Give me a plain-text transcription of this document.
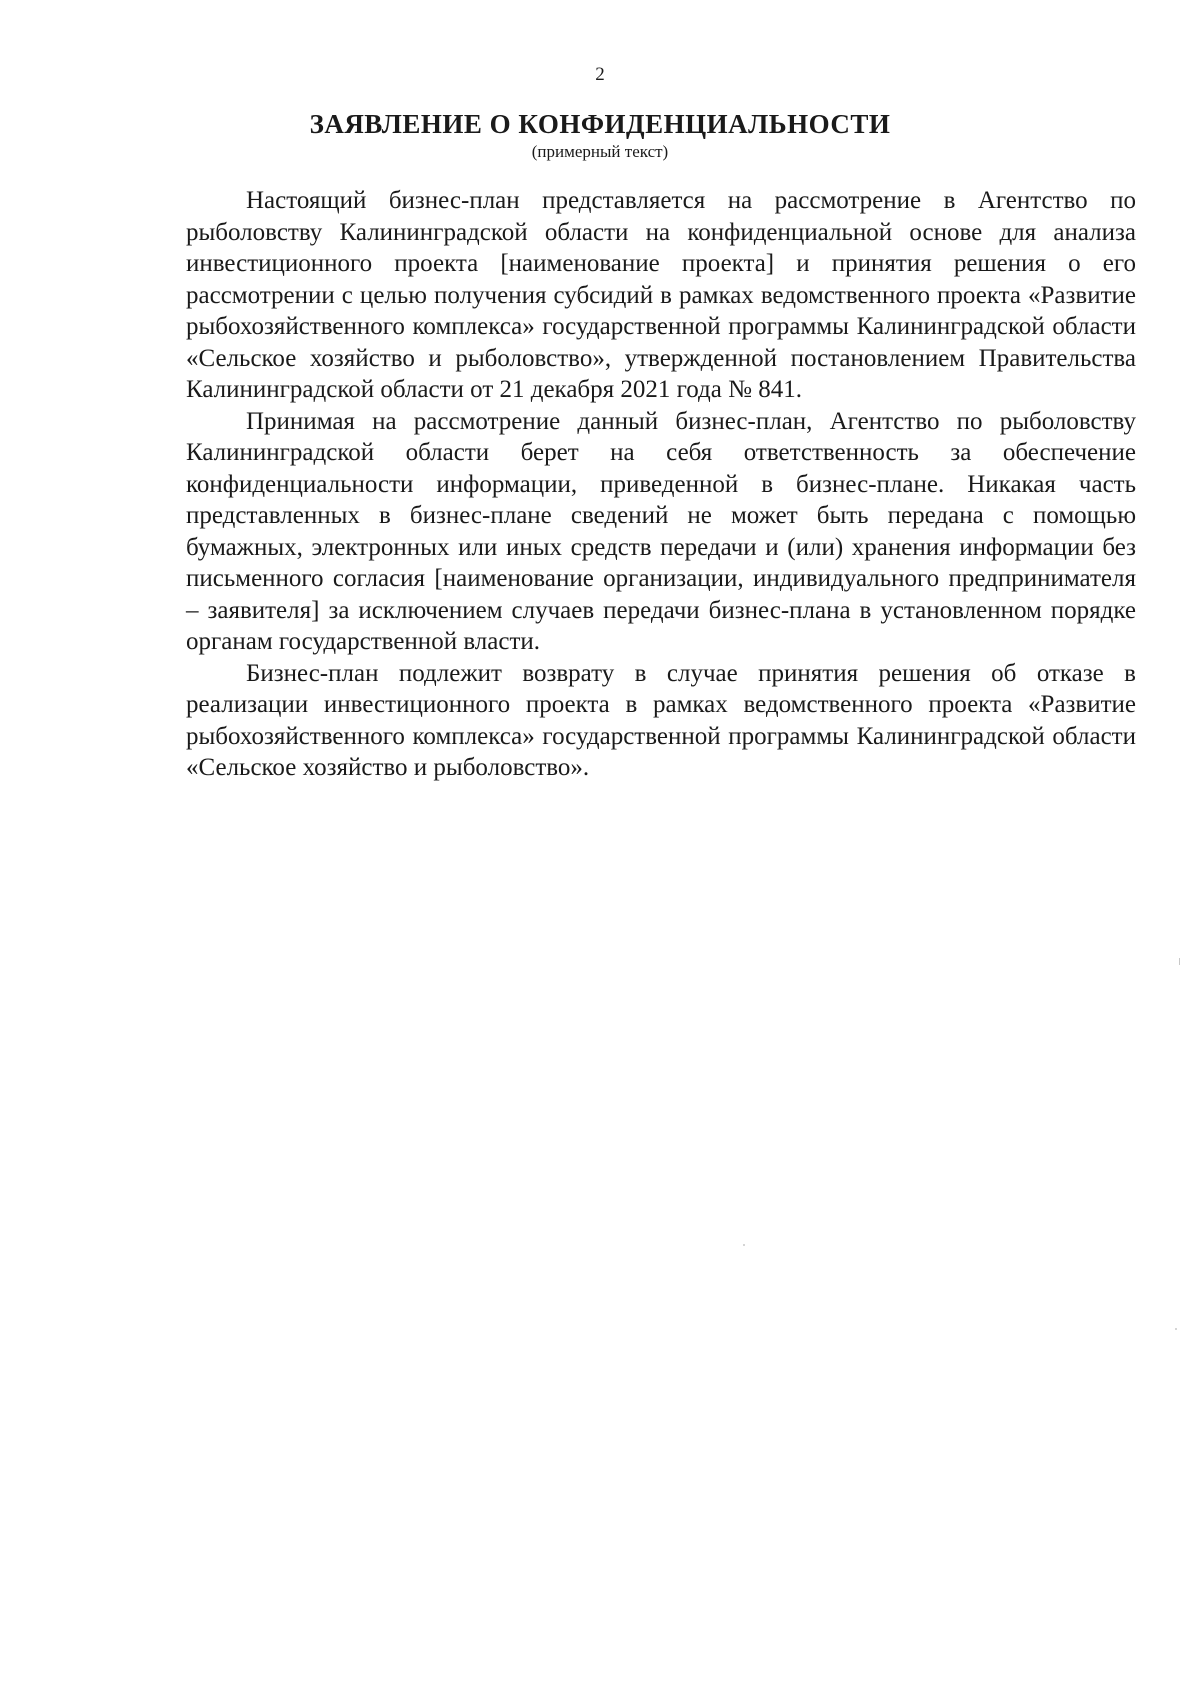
2
ЗАЯВЛЕНИЕ О КОНФИДЕНЦИАЛЬНОСТИ
(примерный текст)

Настоящий бизнес-план представляется на рассмотрение в Агентство по рыболовству Калининградской области на конфиденциальной основе для анализа инвестиционного проекта [наименование проекта] и принятия решения о его рассмотрении с целью получения субсидий в рамках ведомственного проекта «Развитие рыбохозяйственного комплекса» государственной программы Калининградской области «Сельское хозяйство и рыболовство», утвержденной постановлением Правительства Калининградской области от 21 декабря 2021 года № 841.

Принимая на рассмотрение данный бизнес-план, Агентство по рыболовству Калининградской области берет на себя ответственность за обеспечение конфиденциальности информации, приведенной в бизнес-плане. Никакая часть представленных в бизнес-плане сведений не может быть передана с помощью бумажных, электронных или иных средств передачи и (или) хранения информации без письменного согласия [наименование организации, индивидуального предпринимателя – заявителя] за исключением случаев передачи бизнес-плана в установленном порядке органам государственной власти.

Бизнес-план подлежит возврату в случае принятия решения об отказе в реализации инвестиционного проекта в рамках ведомственного проекта «Развитие рыбохозяйственного комплекса» государственной программы Калининградской области «Сельское хозяйство и рыболовство».
